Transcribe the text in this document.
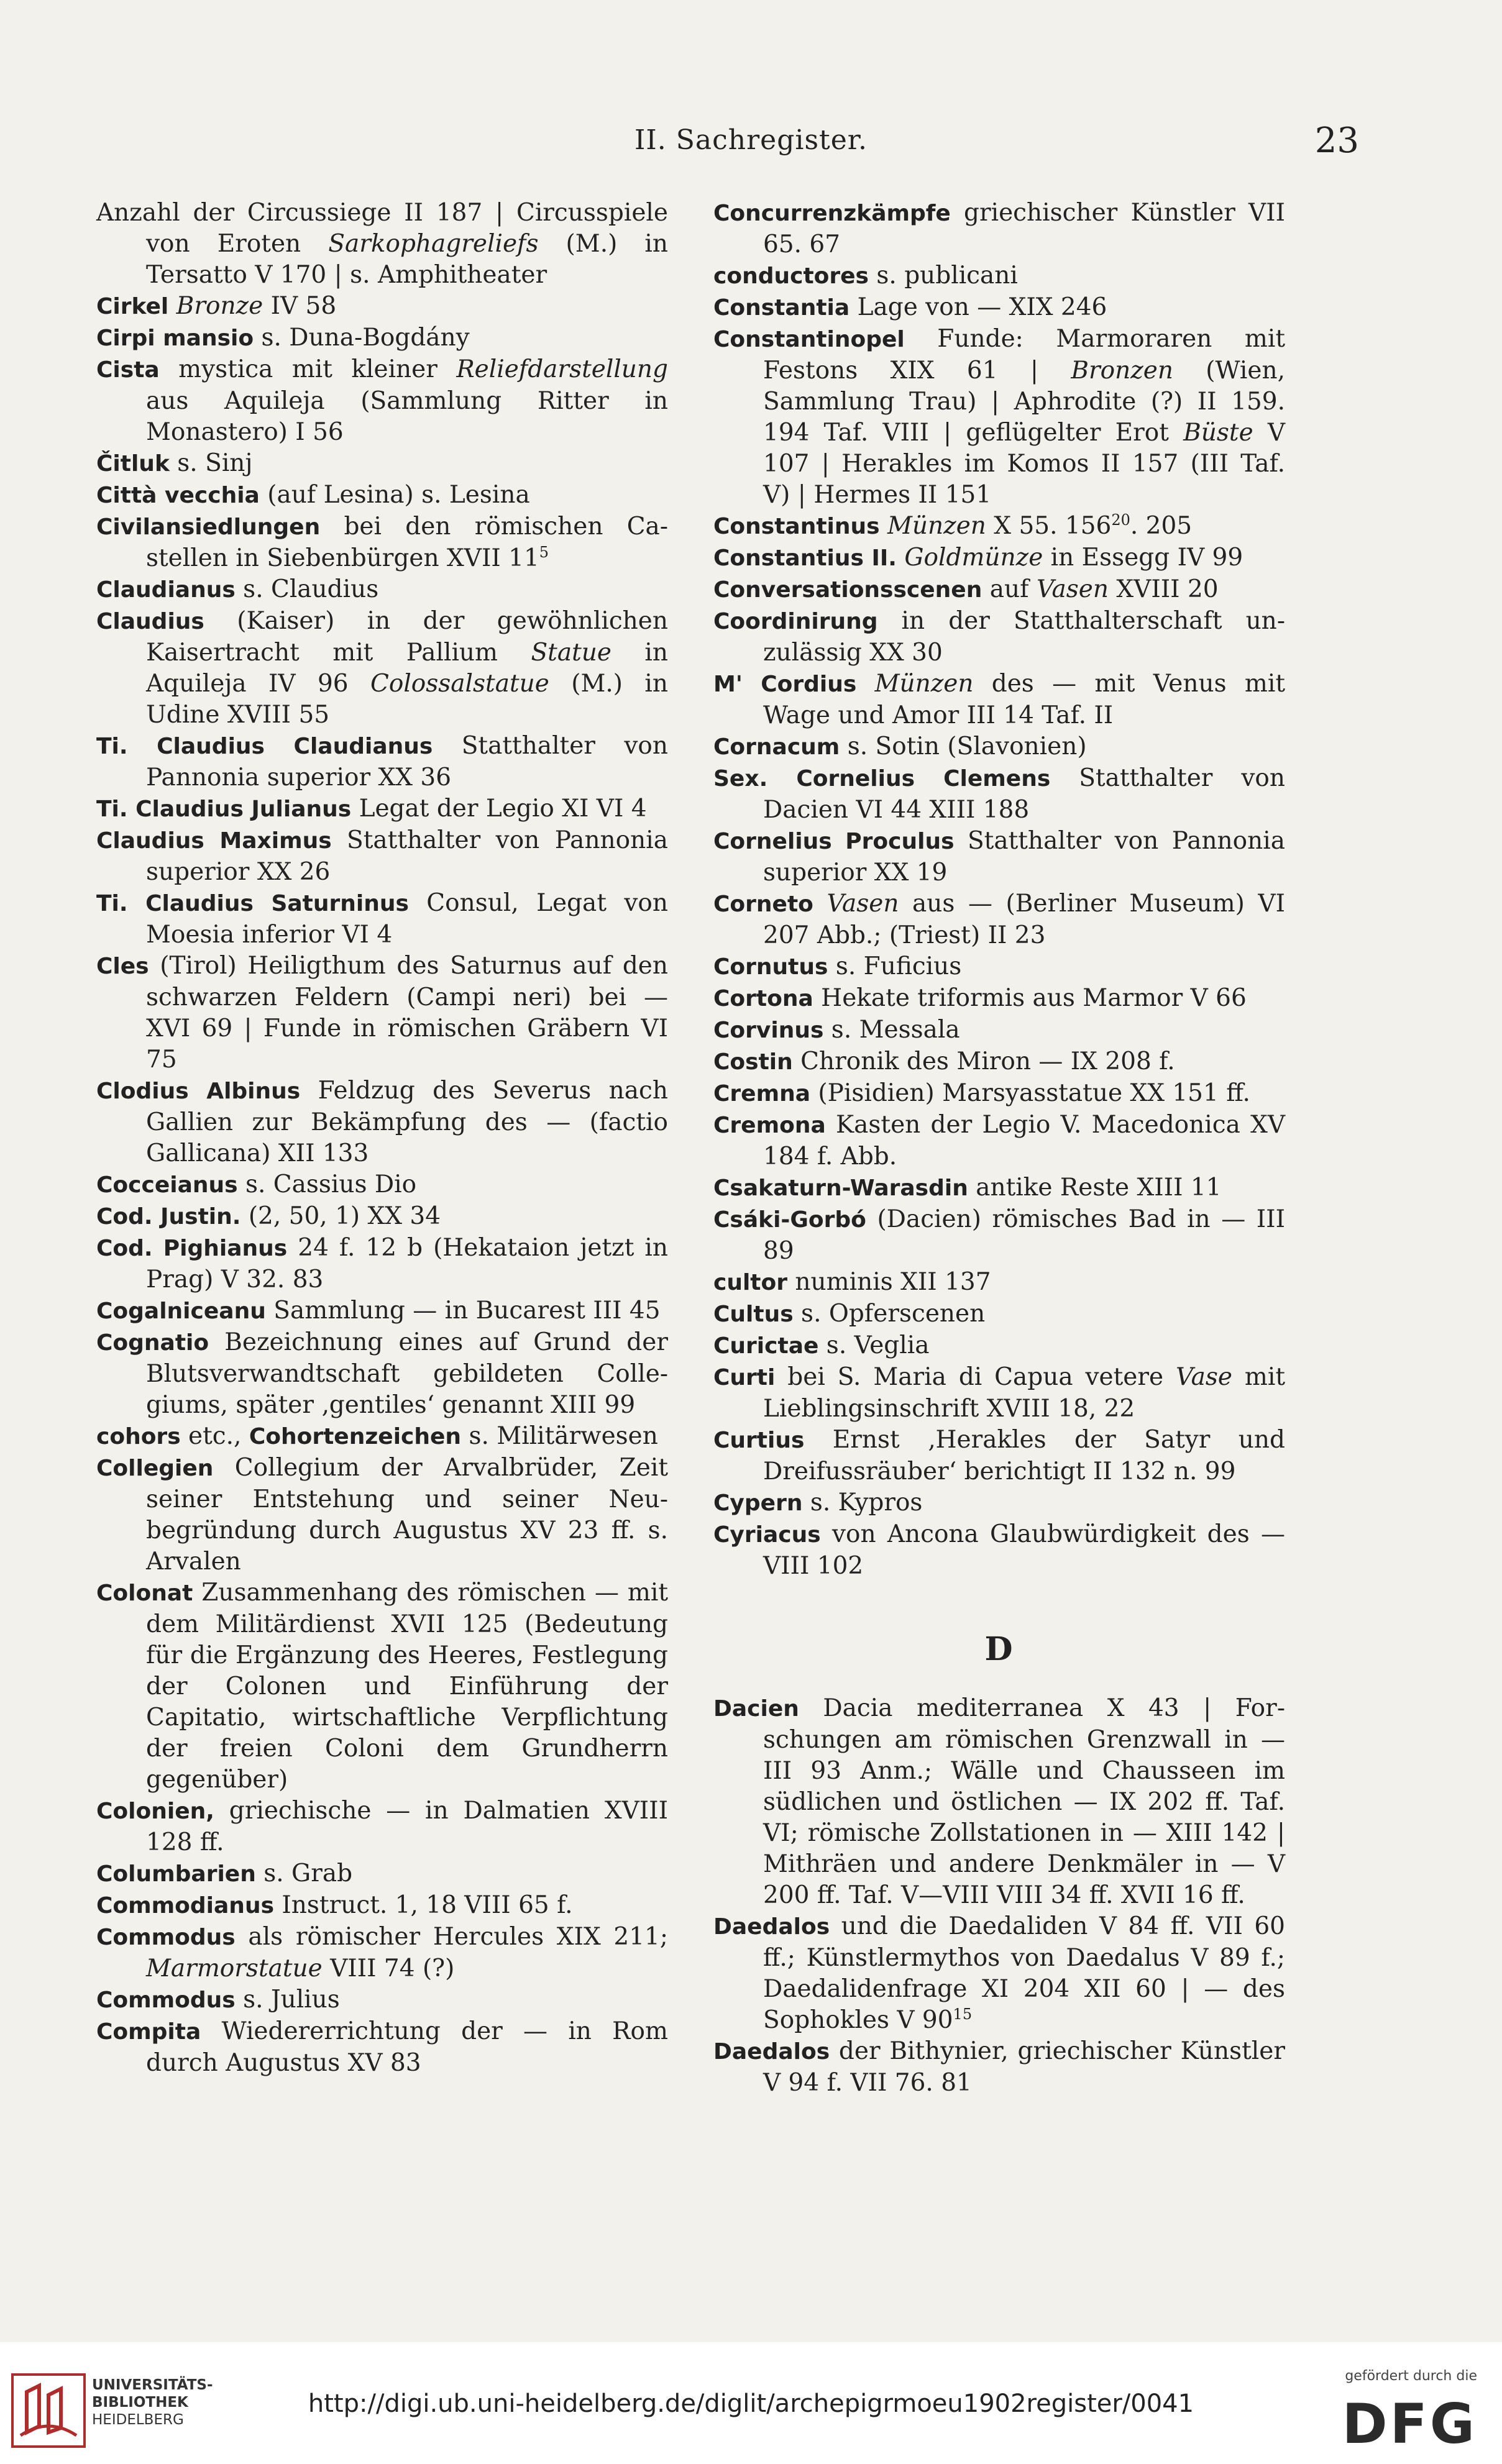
II. Sachregister.	23

Anzahl der Circussiege II 187 | Circusspiele von Eroten Sarkophagreliefs (M.) in Tersatto V 170 | s. Amphitheater

Cirkel Bronze IV 58

Cirpi mansio s. Duna-Bogdány

Cista mystica mit kleiner Reliefdarstellung aus Aquileja (Sammlung Ritter in Monastero) I 56

Čitluk s. Sinj

Città vecchia (auf Lesina) s. Lesina

Civilansiedlungen bei den römischen Castellen in Siebenbürgen XVII $11^5$

Claudianus s. Claudius

Claudius (Kaiser) in der gewöhnlichen Kaisertracht mit Pallium Statue in Aquileja IV 96 Colossalstatue (M.) in Udine XVIII 55

Ti. Claudius Claudianus Statthalter von Pannonia superior XX 36

Ti. Claudius Julianus Legat der Legio XI VI 4

Claudius Maximus Statthalter von Pannonia superior XX 26

Ti. Claudius Saturninus Consul, Legat von Moesia inferior VI 4

Cles (Tirol) Heiligthum des Saturnus auf den schwarzen Feldern (Campi neri) bei — XVI 69 | Funde in römischen Gräbern VI 75

Clodius Albinus Feldzug des Severus nach Gallien zur Bekämpfung des — (factio Gallicana) XII 133

Cocceianus s. Cassius Dio

Cod. Justin. (2, 50, 1) XX 34

Cod. Pighianus 24 f. 12 b (Hekataion jetzt in Prag) V 32. 83

Cogalniceanu Sammlung — in Bucarest III 45

Cognatio Bezeichnung eines auf Grund der Blutsverwandtschaft gebildeten Collegiums, später ‚gentiles‘ genannt XIII 99

cohors etc., Cohortenzeichen s. Militärwesen

Collegien Collegium der Arvalbrüder, Zeit seiner Entstehung und seiner Neubegründung durch Augustus XV 23 ff. s. Arvalen

Colonat Zusammenhang des römischen — mit dem Militärdienst XVII 125 (Bedeutung für die Ergänzung des Heeres, Festlegung der Colonen und Einführung der Capitatio, wirtschaftliche Verpflichtung der freien Coloni dem Grundherrn gegenüber)

Colonien, griechische — in Dalmatien XVIII 128 ff.

Columbarien s. Grab

Commodianus Instruct. 1, 18 VIII 65 f.

Commodus als römischer Hercules XIX 211; Marmorstatue VIII 74 (?)

Commodus s. Julius

Compita Wiedererrichtung der — in Rom durch Augustus XV 83

Concurrenzkämpfe griechischer Künstler VII 65. 67

conductores s. publicani

Constantia Lage von — XIX 246

Constantinopel Funde: Marmoraren mit Festons XIX 61 | Bronzen (Wien, Sammlung Trau) | Aphrodite (?) II 159. 194 Taf. VIII | geflügelter Erot Büste V 107 | Herakles im Komos II 157 (III Taf. V) | Hermes II 151

Constantinus Münzen X 55. $156^{20}$. 205

Constantius II. Goldmünze in Essegg IV 99

Conversationsscenen auf Vasen XVIII 20

Coordinirung in der Statthalterschaft unzulässig XX 30

M' Cordius Münzen des — mit Venus mit Wage und Amor III 14 Taf. II

Cornacum s. Sotin (Slavonien)

Sex. Cornelius Clemens Statthalter von Dacien VI 44 XIII 188

Cornelius Proculus Statthalter von Pannonia superior XX 19

Corneto Vasen aus — (Berliner Museum) VI 207 Abb.; (Triest) II 23

Cornutus s. Fuficius

Cortona Hekate triformis aus Marmor V 66

Corvinus s. Messala

Costin Chronik des Miron — IX 208 f.

Cremna (Pisidien) Marsyasstatue XX 151 ff.

Cremona Kasten der Legio V. Macedonica XV 184 f. Abb.

Csakaturn-Warasdin antike Reste XIII 11

Csáki-Gorbó (Dacien) römisches Bad in — III 89

cultor numinis XII 137

Cultus s. Opferscenen

Curictae s. Veglia

Curti bei S. Maria di Capua vetere Vase mit Lieblingsinschrift XVIII 18, 22

Curtius Ernst ‚Herakles der Satyr und Dreifussräuber‘ berichtigt II 132 n. 99

Cypern s. Kypros

Cyriacus von Ancona Glaubwürdigkeit des — VIII 102

D

Dacien Dacia mediterranea X 43 | Forschungen am römischen Grenzwall in — III 93 Anm.; Wälle und Chausseen im südlichen und östlichen — IX 202 ff. Taf. VI; römische Zollstationen in — XIII 142 | Mithräen und andere Denkmäler in — V 200 ff. Taf. V—VIII VIII 34 ff. XVII 16 ff.

Daedalos und die Daedaliden V 84 ff. VII 60 ff.; Künstlermythos von Daedalus V 89 f.; Daedalidenfrage XI 204 XII 60 | — des Sophokles V $90^{15}$

Daedalos der Bithynier, griechischer Künstler V 94 f. VII 76. 81

UNIVERSITÄTS-
BIBLIOTHEK
HEIDELBERG
http://digi.ub.uni-heidelberg.de/diglit/archepigrmoeu1902register/0041
gefördert durch die
DFG
